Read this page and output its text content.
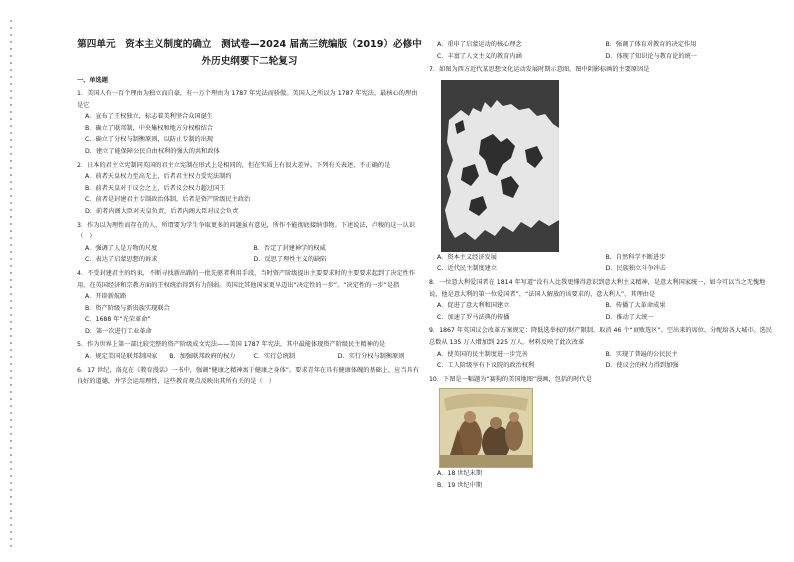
第四单元　资本主义制度的确立　测试卷—2024 届高三统编版（2019）必修中外历史纲要下二轮复习
一、单选题
1．美国人有一百个理由为独立而自豪，有一万个理由为 1787 年宪法而骄傲。美国人之所以为 1787 年宪法，最核心的理由是它
A．宣布了王权独立，标志着美利坚合众国诞生
B．确立了联邦制，中央集权和地方分权相结合
C．确立了分权与制衡原则，以防止专制的出现
D．建立了能保障公民自由权利的强大的共和政体
2．日本的君主立宪制同英国的君主立宪制在形式上是相同的，但在实质上有很大差异。下列有关表述，不正确的是
A．前者天皇权力至高无上，后者君主权力受宪法制约
B．前者天皇对于议会之上，后者议会权力超过国王
C．前者是封建君主专制政治体制，后者是资产阶级民主政治
D．前者内阁大臣对天皇负责，后者内阁大臣对议会负责
3．作为以为理性而存在的人，所谓要为学生争取更多的问题虽有意见，所作不能彻底接纳事物。下述说法，卢梭的这一认识（　）
A．强调了人是万物的尺度	B．否定了封建神学的权威
C．表达了启蒙思想的诉求	D．反思了理性主义的缺陷
4．不受封建君主的约束，不断寻找新出路的一批先驱者利用手段，当时资产阶级提出主要要求时的主要要求起到了决定性作用，在英国经济和宗教方面的王权统治得到有力削弱。英国比其他国家更早迈出“决定性的一步”。“决定性的一步”是指
A．开辟新航路
B．资产阶级与新贵族实现联合
C．1688 年“光荣革命”
D．第一次进行工业革命
5．作为世界上第一部比较完整的资产阶级成文宪法——美国 1787 年宪法，其中最能体现资产阶级民主精神的是
A．规定美国是联邦制国家	B．加强联邦政府的权力	C．实行总统制	D．实行分权与制衡原则
6．17 世纪，洛克在《教育漫话》一书中，强调“健康之精神寓于健康之身体”。要求青年在具有健康体魄的基础上，应当具有良好的道德，并学会运用理性，这些教育观点反映出其所有关的是（　）
A．重申了启蒙运动的核心理念	B．强调了体育对教育的决定作用
C．丰富了人文主义的教育内涵	D．体现了知识论与教育论的统一
7．如图为西方近代某思想文化运动发展时期示意图。图中阴影标画的主要原因是
A．资本主义经济发展	B．自然科学不断进步
C．近代民主制度建立	D．民族独立斗争冲击
8．一位意大利爱国者在 1814 年写道“没有人比我更懂得意识到意大利主义精神，是意大利国家统一，如今可以当之无愧地说，他是意大利的第一位爱国者”，“法国人解放的该要求的，意大利人”。其理由是
A．促进了意大利和国建立	B．传播了大革命成果
C．加速了罗马法典的传播	D．推动了大统一
9．1867 年英国议会改革方案规定：降低选举权的财产限制，取消 46 个“衰败选区”。空出来的席位，分配给各大城市。选民总数从 135 万人增加到 225 万人。材料反映了此次改革
A．使英国的民主制度进一步完善	B．实现了普遍的公民民主
C．工人阶级享有下议院的政治权利	D．使议会的权力得到加强
10．下图是一幅题为“赛狗的美国地图”漫画，包括的时代是
A．18 世纪末期
B．19 世纪中期
